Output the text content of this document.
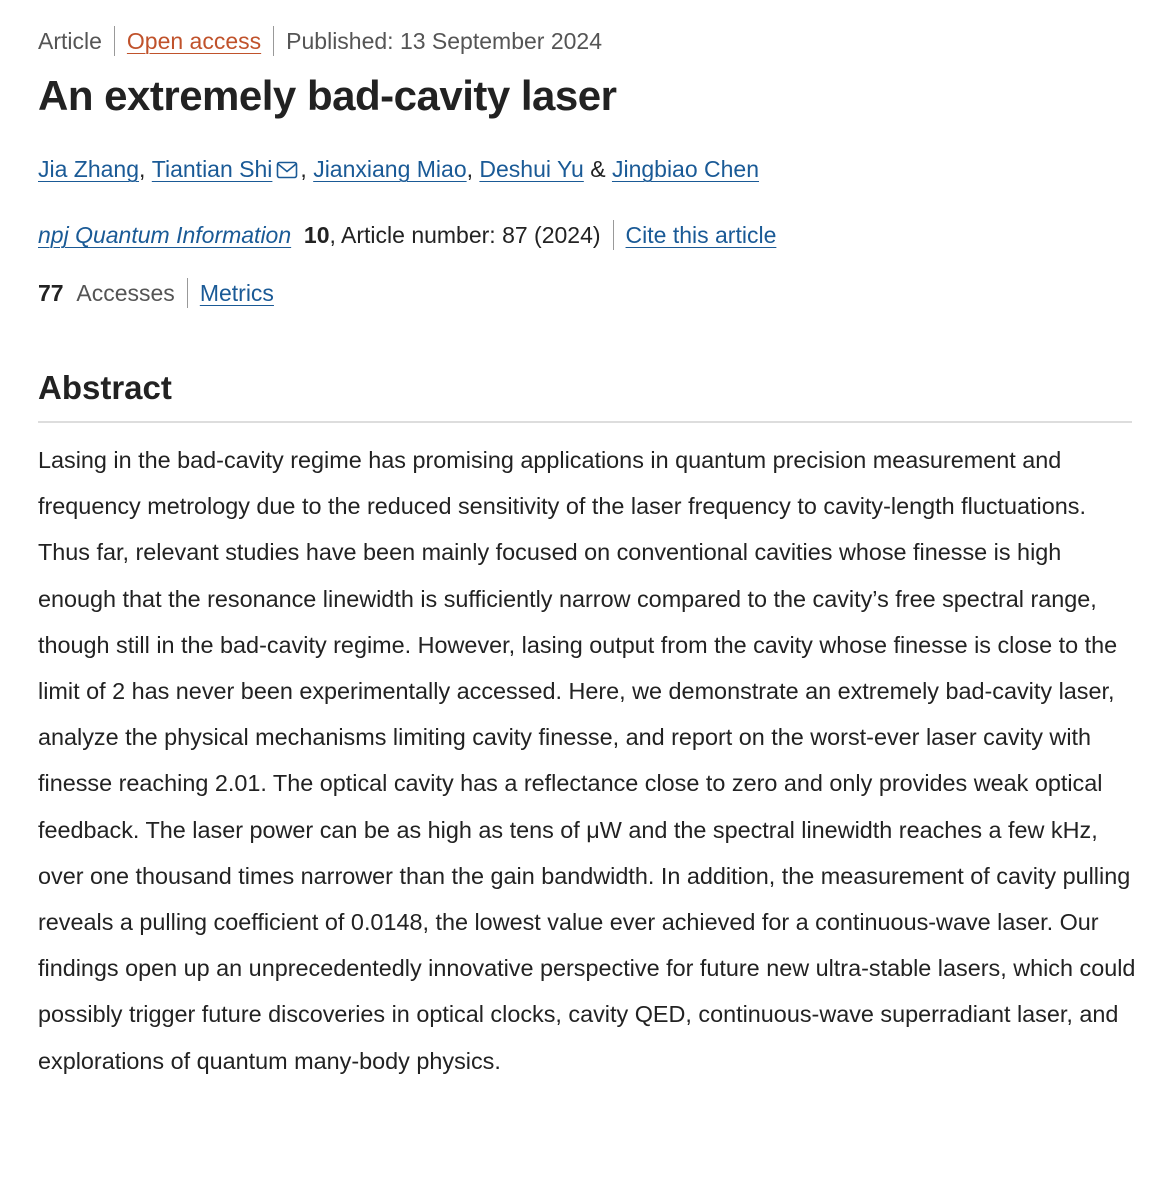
Article Open access Published: 13 September 2024
An extremely bad-cavity laser
Jia Zhang , Tiantian Shi , Jianxiang Miao , Deshui Yu & Jingbiao Chen
npj Quantum Information
10 , Article number: 87 (2024) Cite this article
77
Accesses Metrics
Abstract

Lasing in the bad-cavity regime has promising applications in quantum precision measurement and frequency metrology due to the reduced sensitivity of the laser frequency to cavity-length fluctuations. Thus far, relevant studies have been mainly focused on conventional cavities whose finesse is high enough that the resonance linewidth is sufficiently narrow compared to the cavity’s free spectral range, though still in the bad-cavity regime. However, lasing output from the cavity whose finesse is close to the limit of 2 has never been experimentally accessed. Here, we demonstrate an extremely bad-cavity laser, analyze the physical mechanisms limiting cavity finesse, and report on the worst-ever laser cavity with finesse reaching 2.01. The optical cavity has a reflectance close to zero and only provides weak optical feedback. The laser power can be as high as tens of μW and the spectral linewidth reaches a few kHz, over one thousand times narrower than the gain bandwidth. In addition, the measurement of cavity pulling reveals a pulling coefficient of 0.0148, the lowest value ever achieved for a continuous-wave laser. Our findings open up an unprecedentedly innovative perspective for future new ultra-stable lasers, which could possibly trigger future discoveries in optical clocks, cavity QED, continuous-wave superradiant laser, and explorations of quantum many-body physics.
